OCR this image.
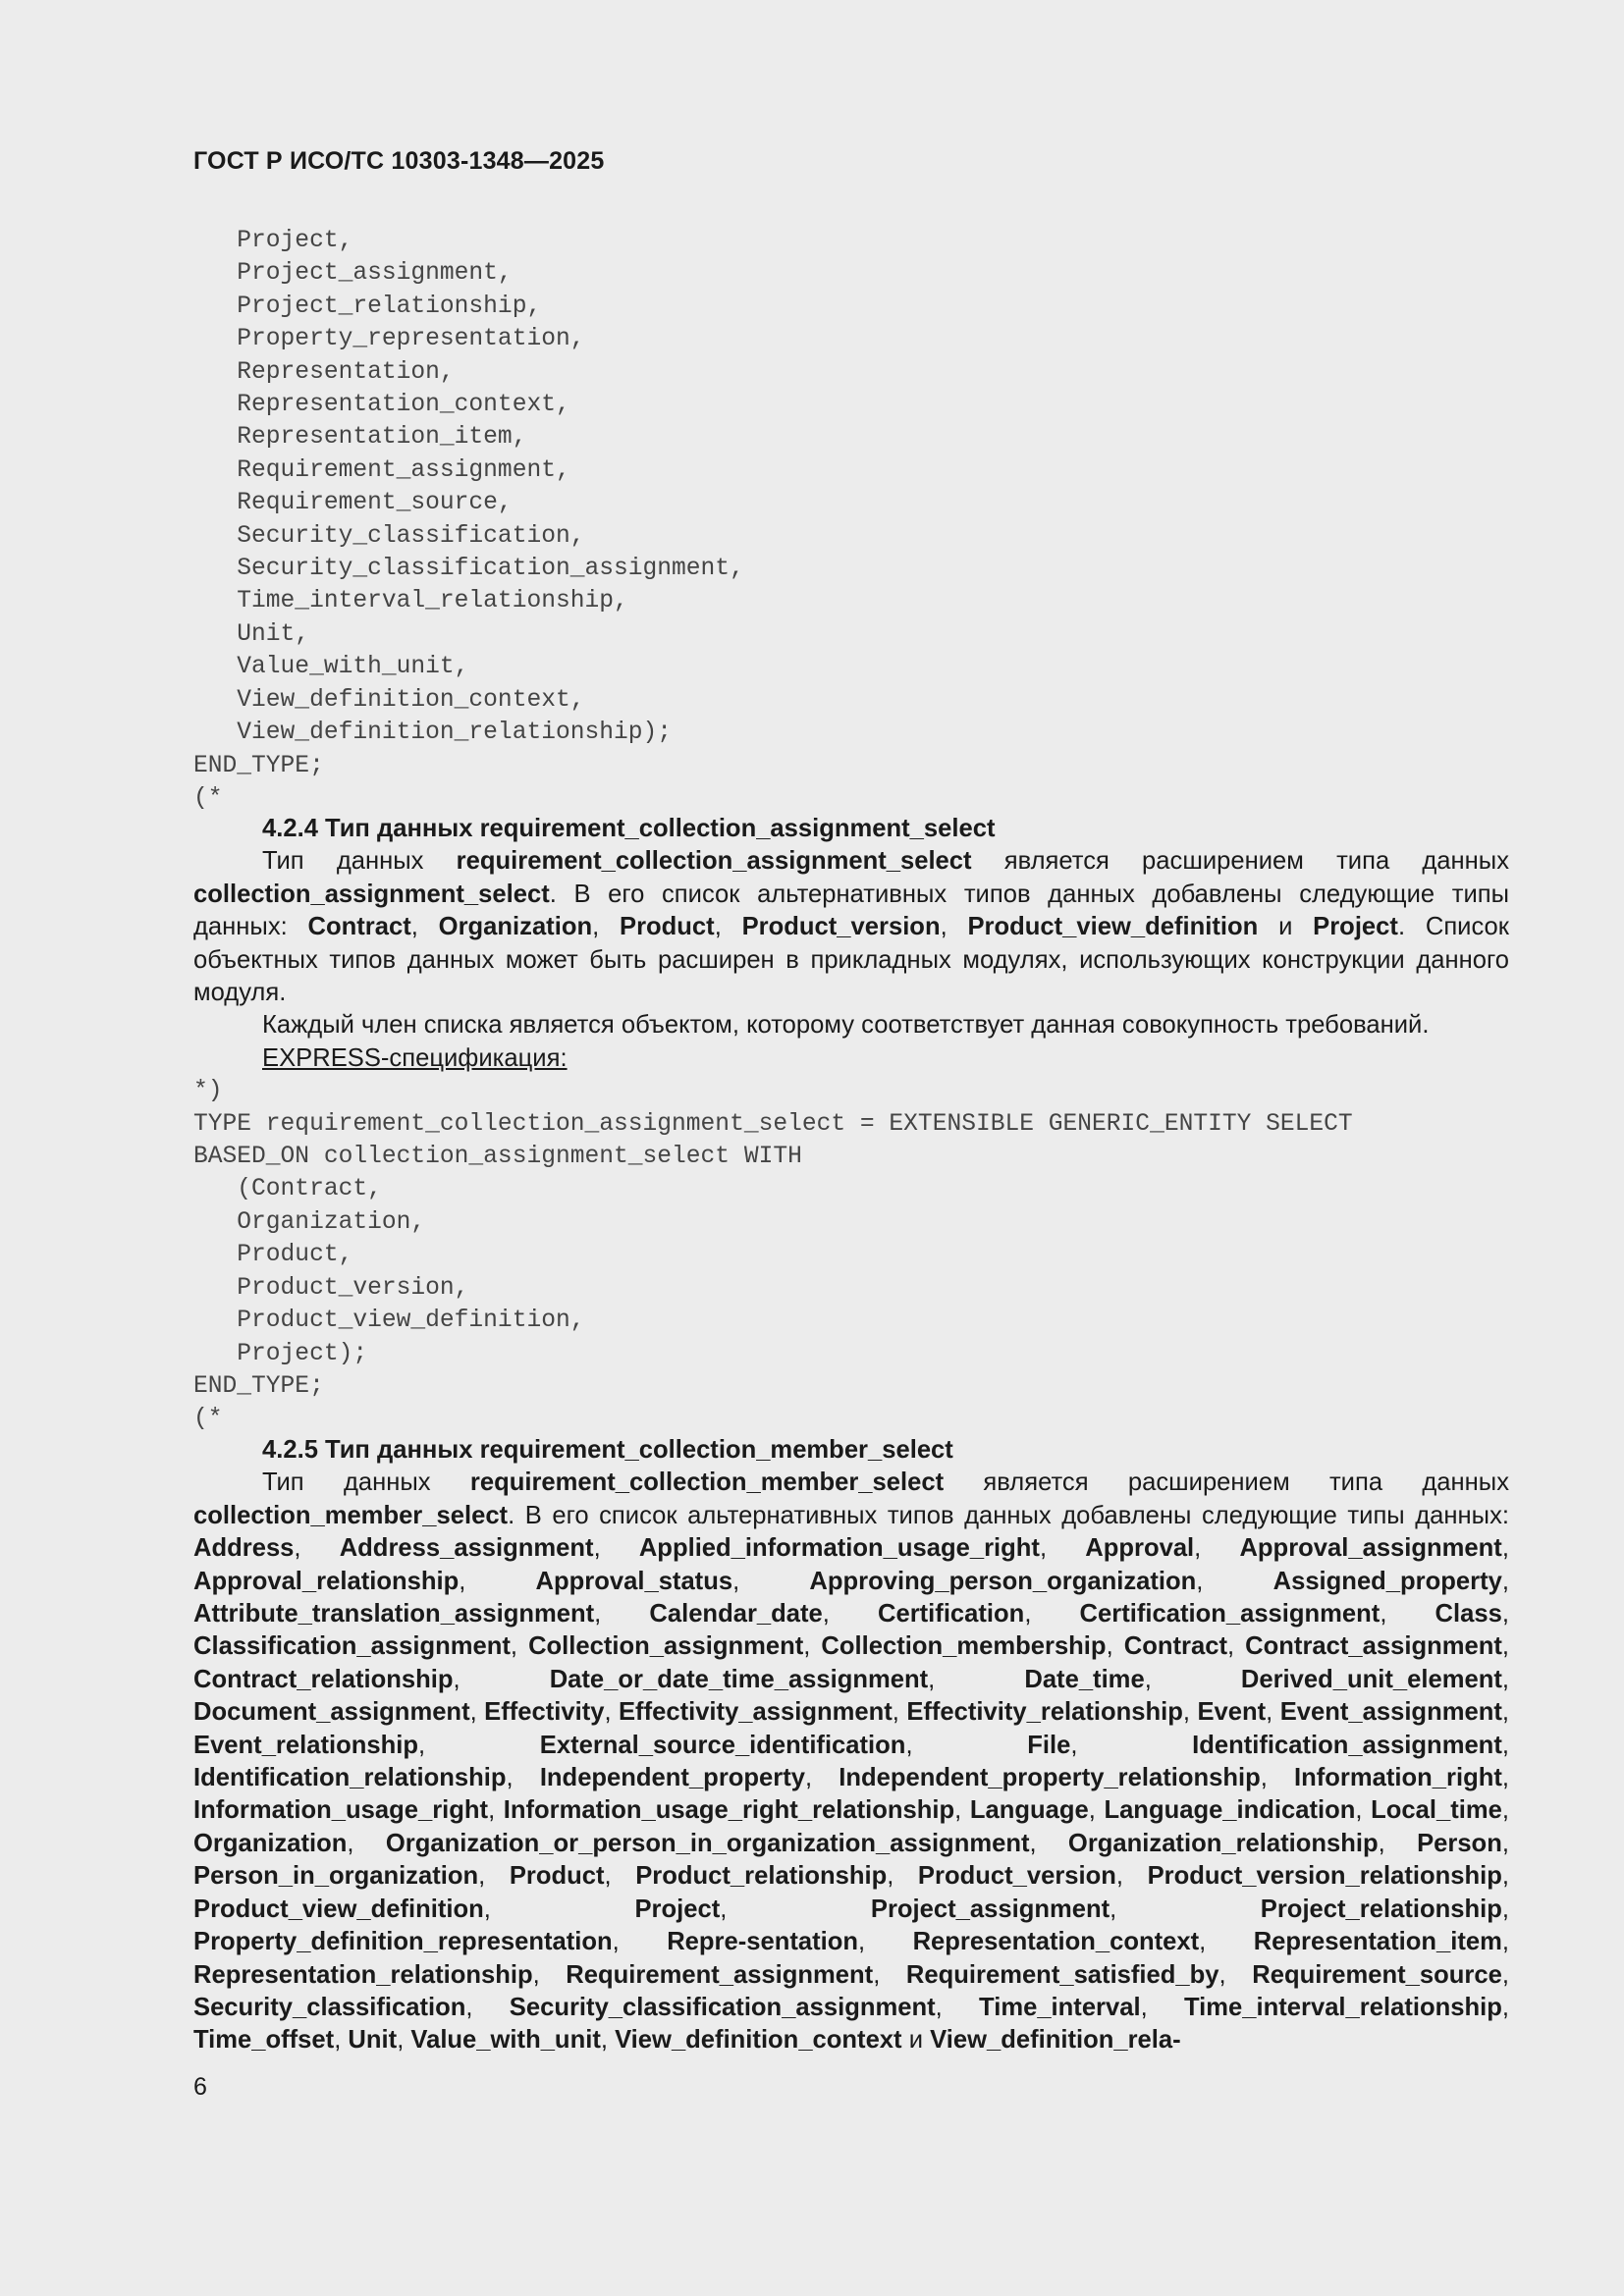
ГОСТ Р ИСО/ТС 10303-1348—2025
Project,
Project_assignment,
Project_relationship,
Property_representation,
Representation,
Representation_context,
Representation_item,
Requirement_assignment,
Requirement_source,
Security_classification,
Security_classification_assignment,
Time_interval_relationship,
Unit,
Value_with_unit,
View_definition_context,
View_definition_relationship);
END_TYPE;
(*
4.2.4 Тип данных requirement_collection_assignment_select
Тип данных requirement_collection_assignment_select является расширением типа данных collection_assignment_select. В его список альтернативных типов данных добавлены следующие типы данных: Contract, Organization, Product, Product_version, Product_view_definition и Project. Список объектных типов данных может быть расширен в прикладных модулях, использующих конструкции данного модуля.
Каждый член списка является объектом, которому соответствует данная совокупность требований.
EXPRESS-спецификация:
*)
TYPE requirement_collection_assignment_select = EXTENSIBLE GENERIC_ENTITY SELECT
BASED_ON collection_assignment_select WITH
(Contract,
Organization,
Product,
Product_version,
Product_view_definition,
Project);
END_TYPE;
(*
4.2.5 Тип данных requirement_collection_member_select
Тип данных requirement_collection_member_select является расширением типа данных collection_member_select. В его список альтернативных типов данных добавлены следующие типы данных: Address, Address_assignment, Applied_information_usage_right, Approval, Approval_assignment, Approval_relationship, Approval_status, Approving_person_organization, Assigned_property, Attribute_translation_assignment, Calendar_date, Certification, Certification_assignment, Class, Classification_assignment, Collection_assignment, Collection_membership, Contract, Contract_assignment, Contract_relationship, Date_or_date_time_assignment, Date_time, Derived_unit_element, Document_assignment, Effectivity, Effectivity_assignment, Effectivity_relationship, Event, Event_assignment, Event_relationship, External_source_identification, File, Identification_assignment, Identification_relationship, Independent_property, Independent_property_relationship, Information_right, Information_usage_right, Information_usage_right_relationship, Language, Language_indication, Local_time, Organization, Organization_or_person_in_organization_assignment, Organization_relationship, Person, Person_in_organization, Product, Product_relationship, Product_version, Product_version_relationship, Product_view_definition, Project, Project_assignment, Project_relationship, Property_definition_representation, Repre-sentation, Representation_context, Representation_item, Representation_relationship, Requirement_assignment, Requirement_satisfied_by, Requirement_source, Security_classification, Security_classification_assignment, Time_interval, Time_interval_relationship, Time_offset, Unit, Value_with_unit, View_definition_context и View_definition_rela-
6
